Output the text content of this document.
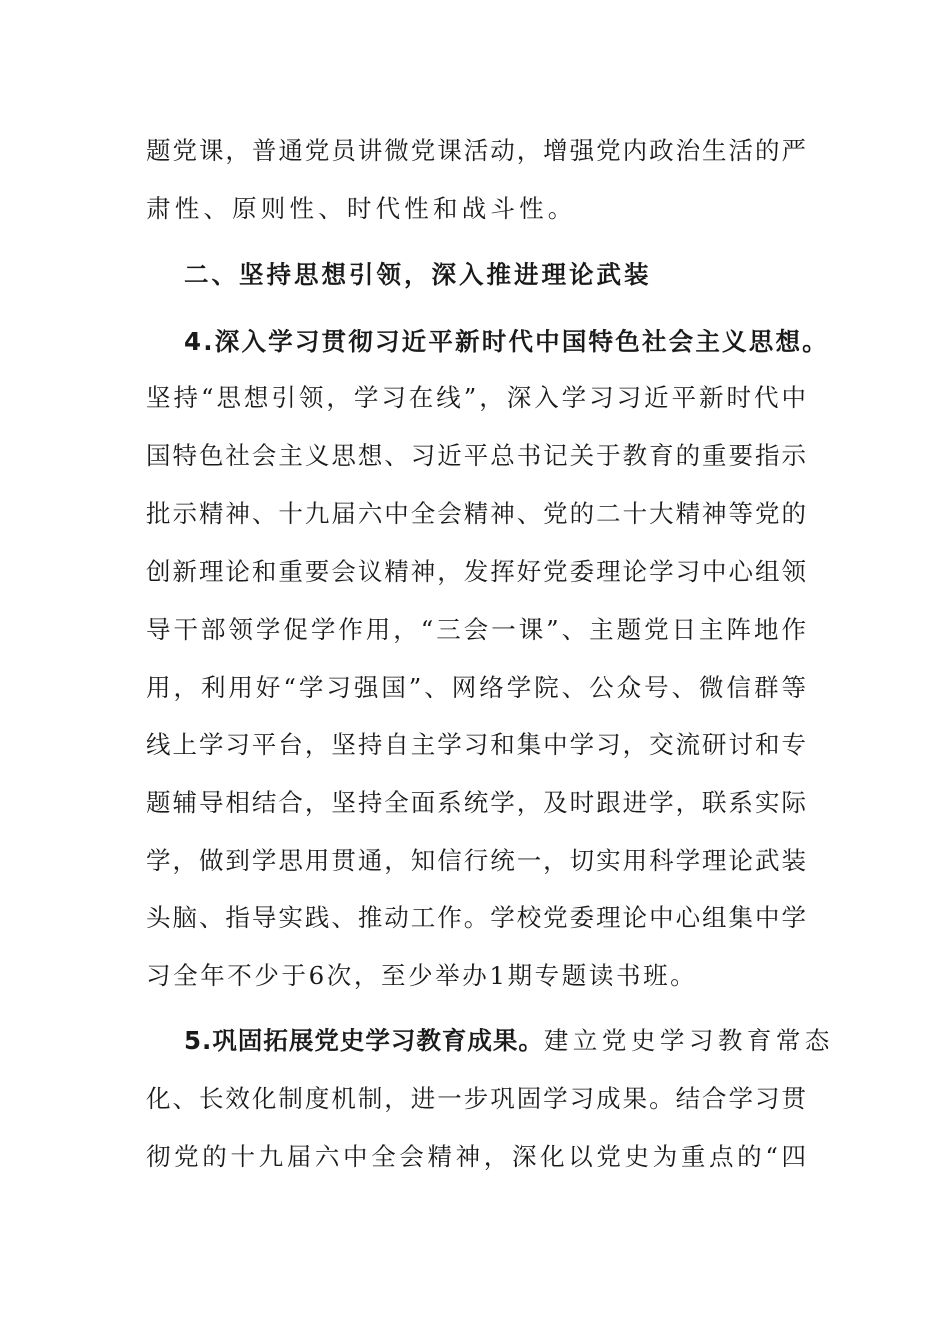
题党课，普通党员讲微党课活动，增强党内政治生活的严
肃性、原则性、时代性和战斗性。
二、坚持思想引领，深入推进理论武装
4.深入学习贯彻习近平新时代中国特色社会主义思想。
坚持“思想引领，学习在线”，深入学习习近平新时代中
国特色社会主义思想、习近平总书记关于教育的重要指示
批示精神、十九届六中全会精神、党的二十大精神等党的
创新理论和重要会议精神，发挥好党委理论学习中心组领
导干部领学促学作用，“三会一课”、主题党日主阵地作
用，利用好“学习强国”、网络学院、公众号、微信群等
线上学习平台，坚持自主学习和集中学习，交流研讨和专
题辅导相结合，坚持全面系统学，及时跟进学，联系实际
学，做到学思用贯通，知信行统一，切实用科学理论武装
头脑、指导实践、推动工作。学校党委理论中心组集中学
习全年不少于6次，至少举办1期专题读书班。
5.巩固拓展党史学习教育成果。 建立党史学习教育常态
化、长效化制度机制，进一步巩固学习成果。结合学习贯
彻党的十九届六中全会精神，深化以党史为重点的“四
